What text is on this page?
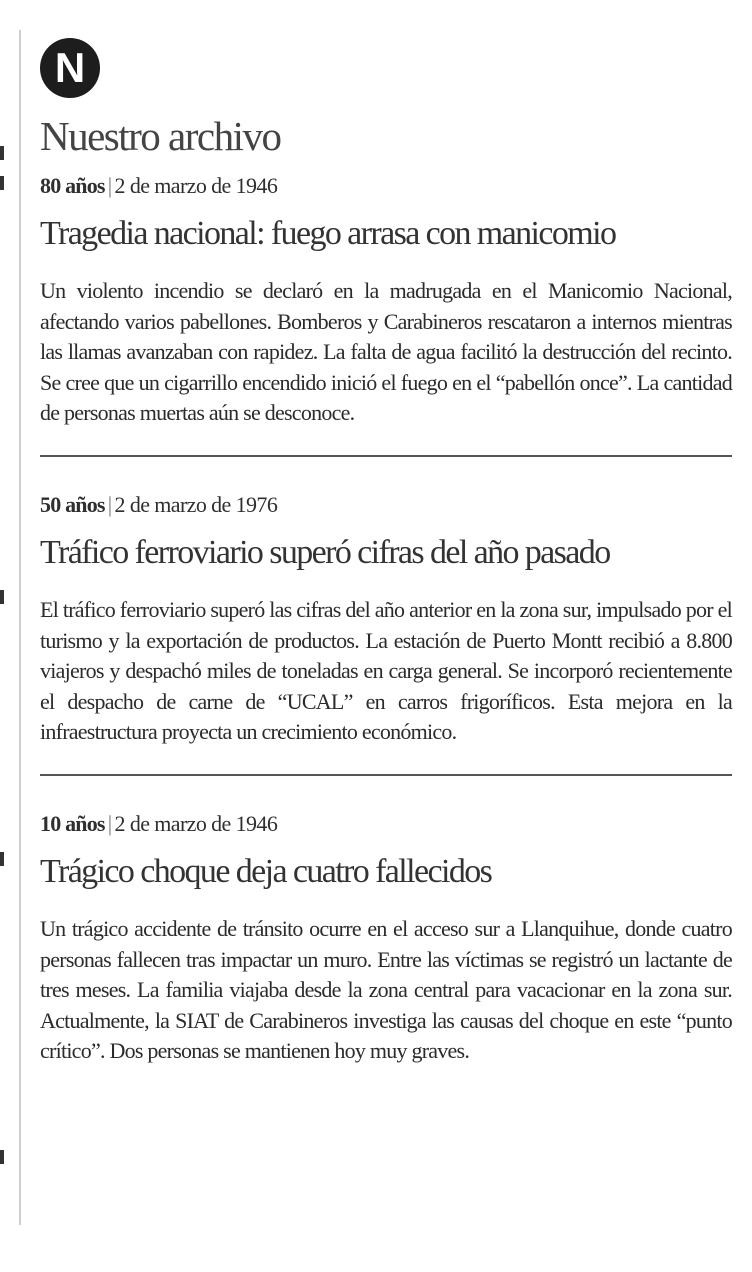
N
Nuestro archivo
80 años | 2 de marzo de 1946
Tragedia nacional: fuego arrasa con manicomio
Un violento incendio se declaró en la madrugada en el Manicomio Nacional, afectando varios pabellones. Bomberos y Carabineros rescataron a internos mientras las llamas avanzaban con rapidez. La falta de agua facilitó la destrucción del recinto. Se cree que un cigarrillo encendido inició el fuego en el “pabellón once”. La cantidad de personas muertas aún se desconoce.
50 años | 2 de marzo de 1976
Tráfico ferroviario superó cifras del año pasado
El tráfico ferroviario superó las cifras del año anterior en la zona sur, impulsado por el turismo y la exportación de productos. La estación de Puerto Montt recibió a 8.800 viajeros y despachó miles de toneladas en carga general. Se incorporó recientemente el despacho de carne de “UCAL” en carros frigoríficos. Esta mejora en la infraestructura proyecta un crecimiento económico.
10 años | 2 de marzo de 1946
Trágico choque deja cuatro fallecidos
Un trágico accidente de tránsito ocurre en el acceso sur a Llanquihue, donde cuatro personas fallecen tras impactar un muro. Entre las víctimas se registró un lactante de tres meses. La familia viajaba desde la zona central para vacacionar en la zona sur. Actualmente, la SIAT de Carabineros investiga las causas del choque en este “punto crítico”. Dos personas se mantienen hoy muy graves.
